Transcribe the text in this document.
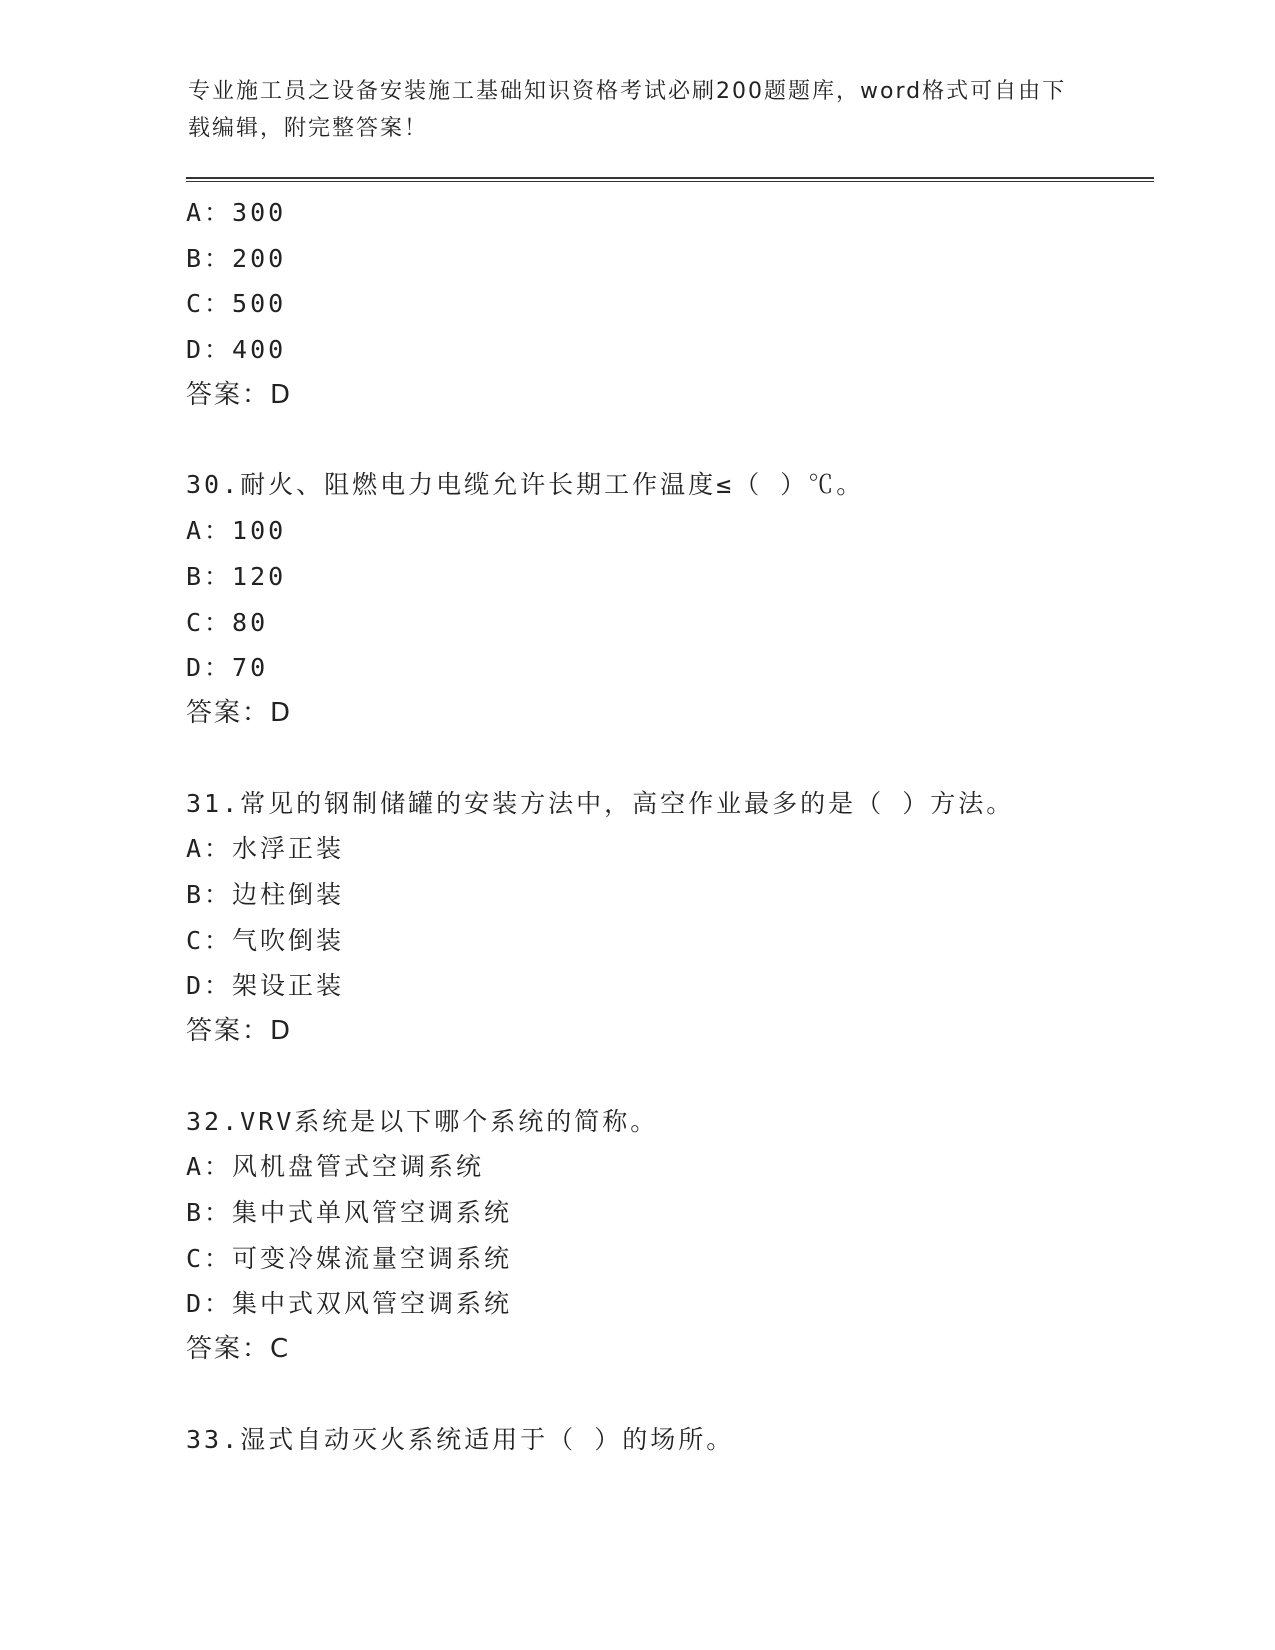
专业施工员之设备安装施工基础知识资格考试必刷200题题库，word格式可自由下载编辑，附完整答案！
A：300
B：200
C：500
D：400
答案：D
30.耐火、阻燃电力电缆允许长期工作温度≤（ ）℃。
A：100
B：120
C：80
D：70
答案：D
31.常见的钢制储罐的安装方法中，高空作业最多的是（ ）方法。
A：水浮正装
B：边柱倒装
C：气吹倒装
D：架设正装
答案：D
32.VRV系统是以下哪个系统的简称。
A：风机盘管式空调系统
B：集中式单风管空调系统
C：可变冷媒流量空调系统
D：集中式双风管空调系统
答案：C
33.湿式自动灭火系统适用于（ ）的场所。
